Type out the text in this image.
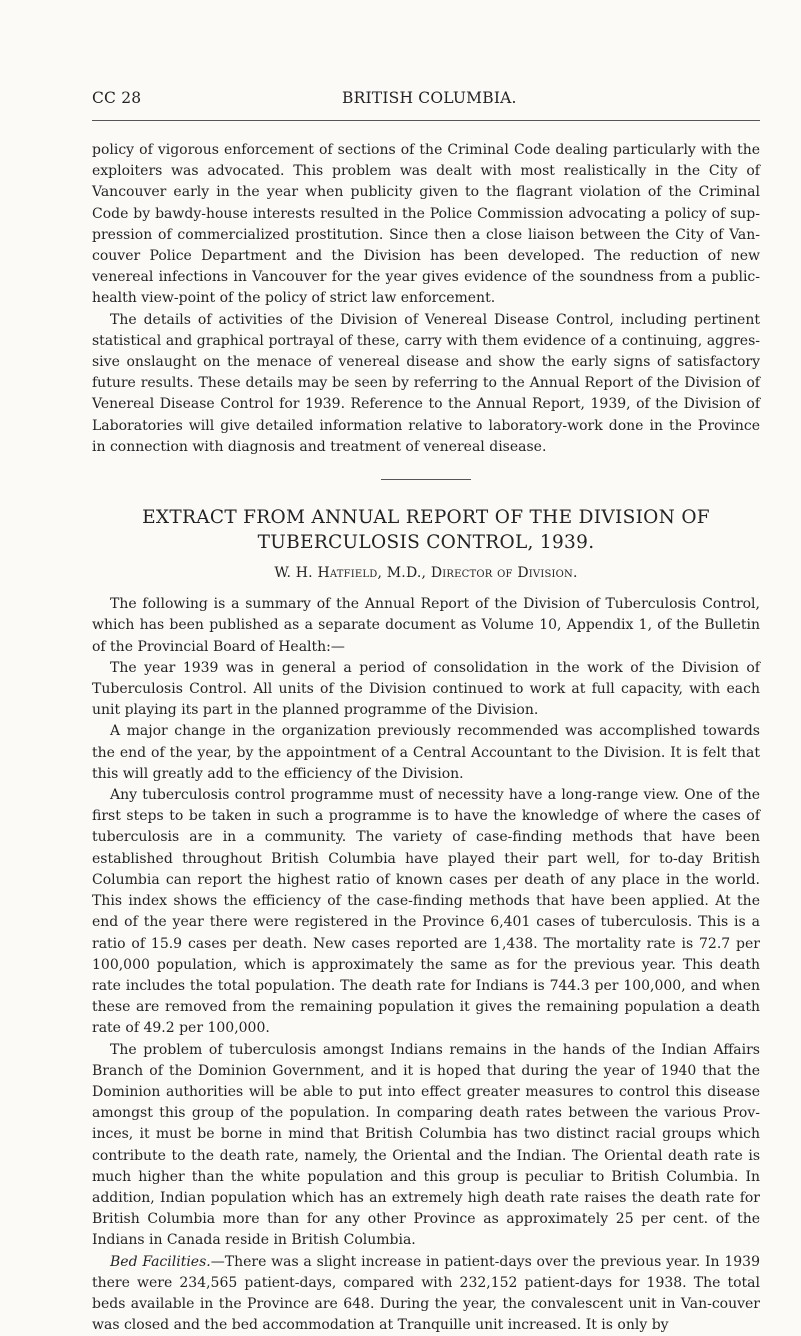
CC 28	BRITISH COLUMBIA.

policy of vigorous enforcement of sections of the Criminal Code dealing particularly with the exploiters was advocated. This problem was dealt with most realistically in the City of Vancouver early in the year when publicity given to the flagrant violation of the Criminal Code by bawdy-house interests resulted in the Police Commission advocating a policy of sup-pression of commercialized prostitution. Since then a close liaison between the City of Van-couver Police Department and the Division has been developed. The reduction of new venereal infections in Vancouver for the year gives evidence of the soundness from a public-health view-point of the policy of strict law enforcement.

The details of activities of the Division of Venereal Disease Control, including pertinent statistical and graphical portrayal of these, carry with them evidence of a continuing, aggres-sive onslaught on the menace of venereal disease and show the early signs of satisfactory future results. These details may be seen by referring to the Annual Report of the Division of Venereal Disease Control for 1939. Reference to the Annual Report, 1939, of the Division of Laboratories will give detailed information relative to laboratory-work done in the Province in connection with diagnosis and treatment of venereal disease.

EXTRACT FROM ANNUAL REPORT OF THE DIVISION OF
TUBERCULOSIS CONTROL, 1939.
W. H. Hatfield, M.D., Director of Division.

The following is a summary of the Annual Report of the Division of Tuberculosis Control, which has been published as a separate document as Volume 10, Appendix 1, of the Bulletin of the Provincial Board of Health:—

The year 1939 was in general a period of consolidation in the work of the Division of Tuberculosis Control. All units of the Division continued to work at full capacity, with each unit playing its part in the planned programme of the Division.

A major change in the organization previously recommended was accomplished towards the end of the year, by the appointment of a Central Accountant to the Division. It is felt that this will greatly add to the efficiency of the Division.

Any tuberculosis control programme must of necessity have a long-range view. One of the first steps to be taken in such a programme is to have the knowledge of where the cases of tuberculosis are in a community. The variety of case-finding methods that have been established throughout British Columbia have played their part well, for to-day British Columbia can report the highest ratio of known cases per death of any place in the world. This index shows the efficiency of the case-finding methods that have been applied. At the end of the year there were registered in the Province 6,401 cases of tuberculosis. This is a ratio of 15.9 cases per death. New cases reported are 1,438. The mortality rate is 72.7 per 100,000 population, which is approximately the same as for the previous year. This death rate includes the total population. The death rate for Indians is 744.3 per 100,000, and when these are removed from the remaining population it gives the remaining population a death rate of 49.2 per 100,000.

The problem of tuberculosis amongst Indians remains in the hands of the Indian Affairs Branch of the Dominion Government, and it is hoped that during the year of 1940 that the Dominion authorities will be able to put into effect greater measures to control this disease amongst this group of the population. In comparing death rates between the various Prov-inces, it must be borne in mind that British Columbia has two distinct racial groups which contribute to the death rate, namely, the Oriental and the Indian. The Oriental death rate is much higher than the white population and this group is peculiar to British Columbia. In addition, Indian population which has an extremely high death rate raises the death rate for British Columbia more than for any other Province as approximately 25 per cent. of the Indians in Canada reside in British Columbia.

Bed Facilities.—There was a slight increase in patient-days over the previous year. In 1939 there were 234,565 patient-days, compared with 232,152 patient-days for 1938. The total beds available in the Province are 648. During the year, the convalescent unit in Van-couver was closed and the bed accommodation at Tranquille unit increased. It is only by
